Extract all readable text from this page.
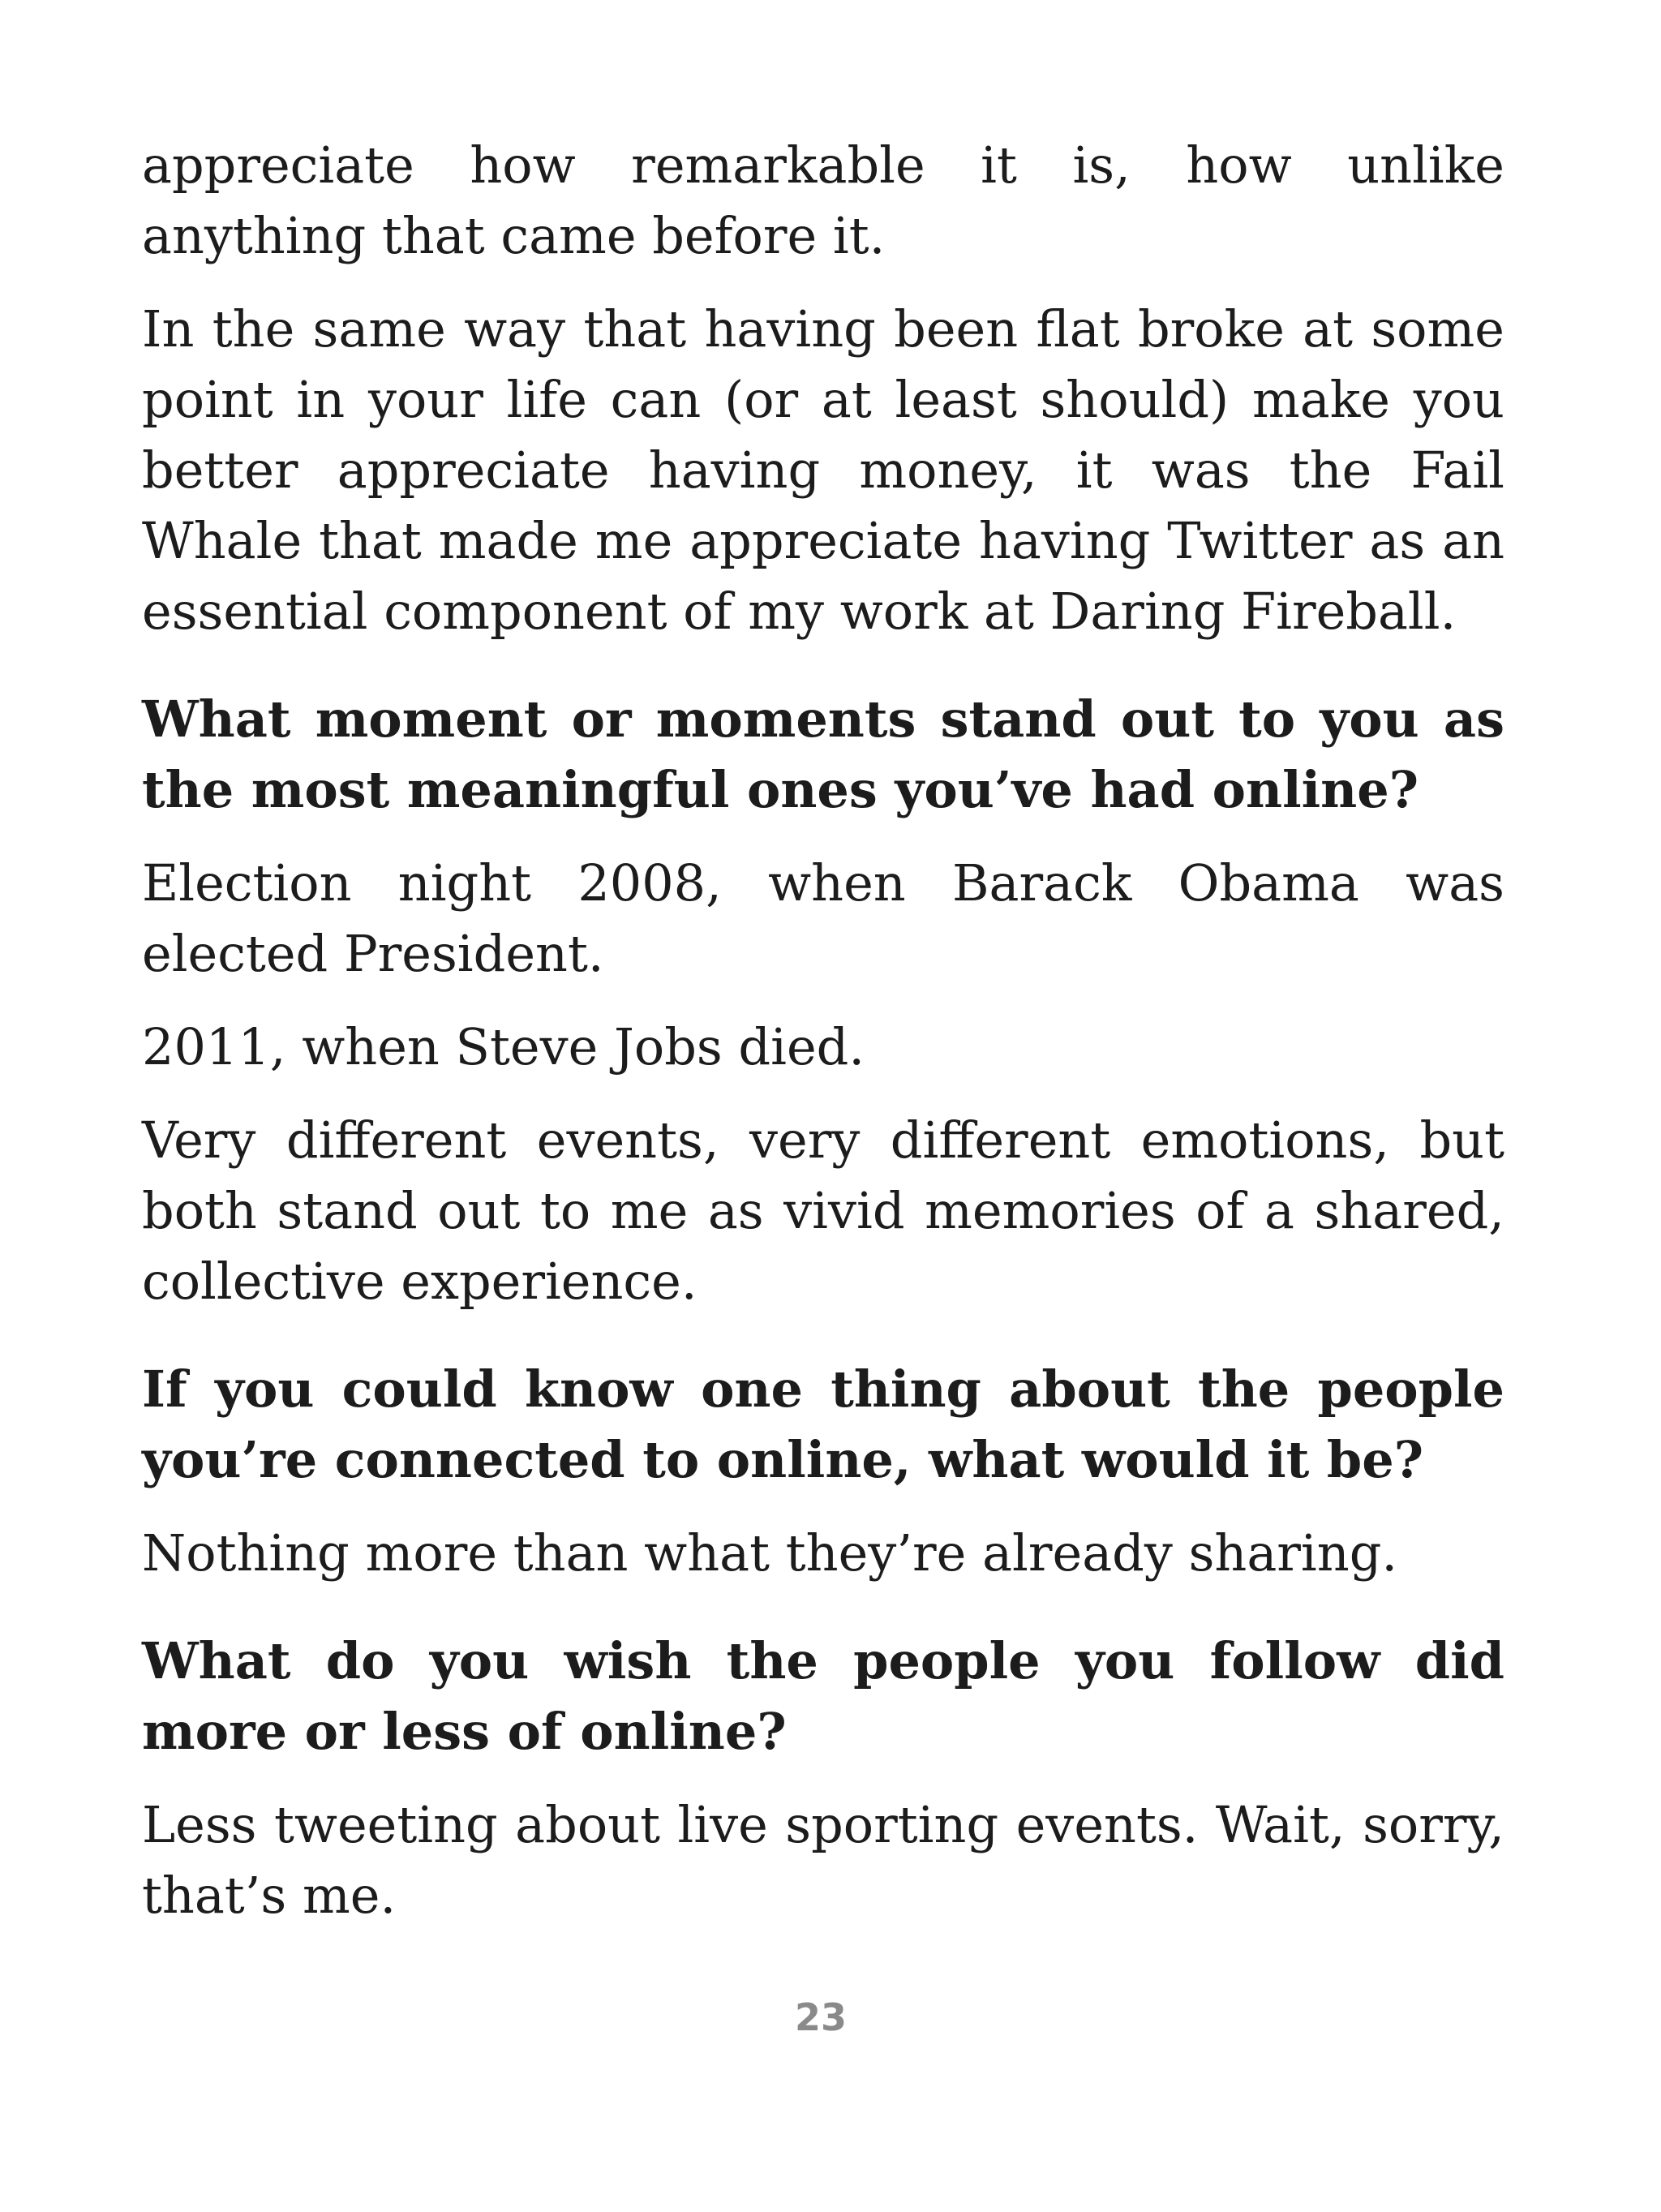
appreciate how remarkable it is, how unlike anything that came before it.

In the same way that having been flat broke at some point in your life can (or at least should) make you better appreciate having money, it was the Fail Whale that made me appreciate having Twitter as an essential component of my work at Daring Fireball.

What moment or moments stand out to you as the most meaningful ones you’ve had online?

Election night 2008, when Barack Obama was elected President.

2011, when Steve Jobs died.

Very different events, very different emotions, but both stand out to me as vivid memories of a shared, collective experience.

If you could know one thing about the people you’re connected to online, what would it be?

Nothing more than what they’re already sharing.

What do you wish the people you follow did more or less of online?

Less tweeting about live sporting events. Wait, sorry, that’s me.

23
